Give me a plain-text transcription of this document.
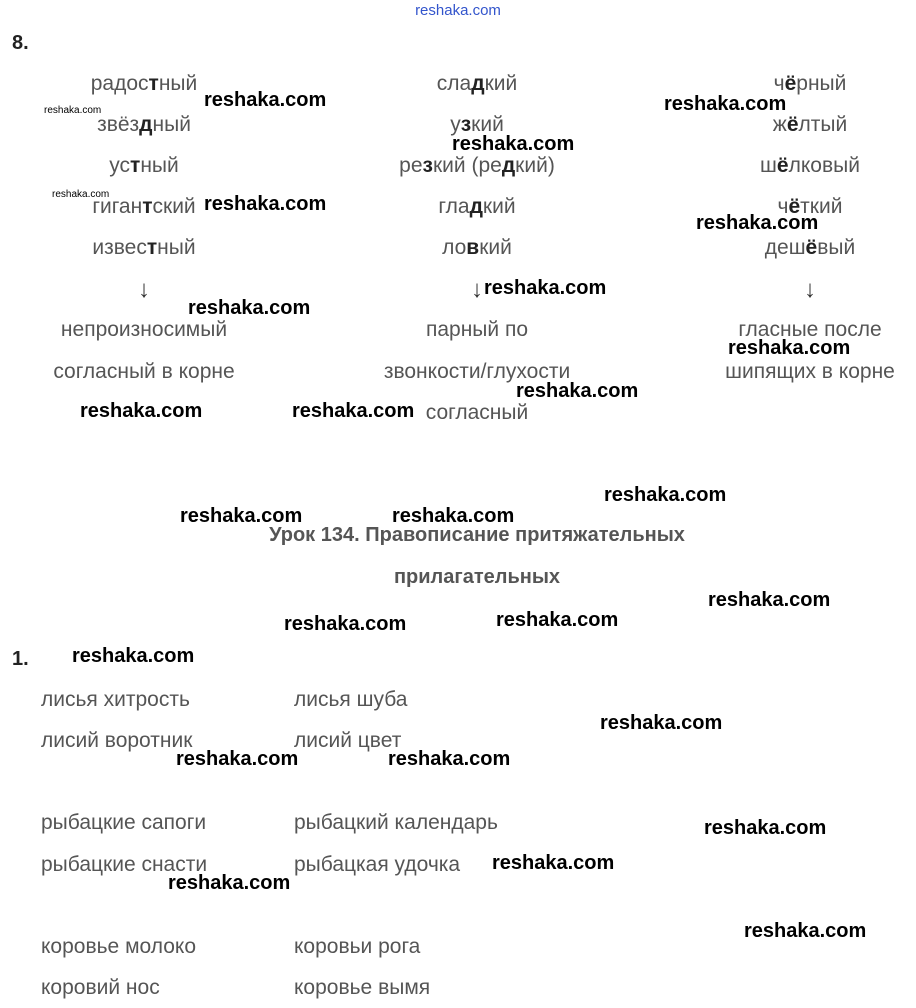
reshaka.com
8.
радостный
звёздный
устный
гигантский
известный
↓
непроизносимый
согласный в корне
сладкий
узкий
резкий (редкий)
гладкий
ловкий
↓
парный по
звонкости/глухости
согласный
чёрный
жёлтый
шёлковый
чёткий
дешёвый
↓
гласные после
шипящих в корне
Урок 134. Правописание притяжательных
прилагательных
1.
лисья хитрость	лисья шуба
лисий воротник	лисий цвет
рыбацкие сапоги	рыбацкий календарь
рыбацкие снасти	рыбацкая удочка
коровье молоко	коровьи рога
коровий нос	коровье вымя
reshaka.com
reshaka.com
reshaka.com	reshaka.com
reshaka.com
reshaka.com
reshaka.com
reshaka.com
reshaka.com
reshaka.com
reshaka.com
reshaka.com	reshaka.com
reshaka.com
reshaka.com	reshaka.com
reshaka.com
reshaka.com
reshaka.com
reshaka.com
reshaka.com
reshaka.com	reshaka.com
reshaka.com
reshaka.com
reshaka.com
reshaka.com
